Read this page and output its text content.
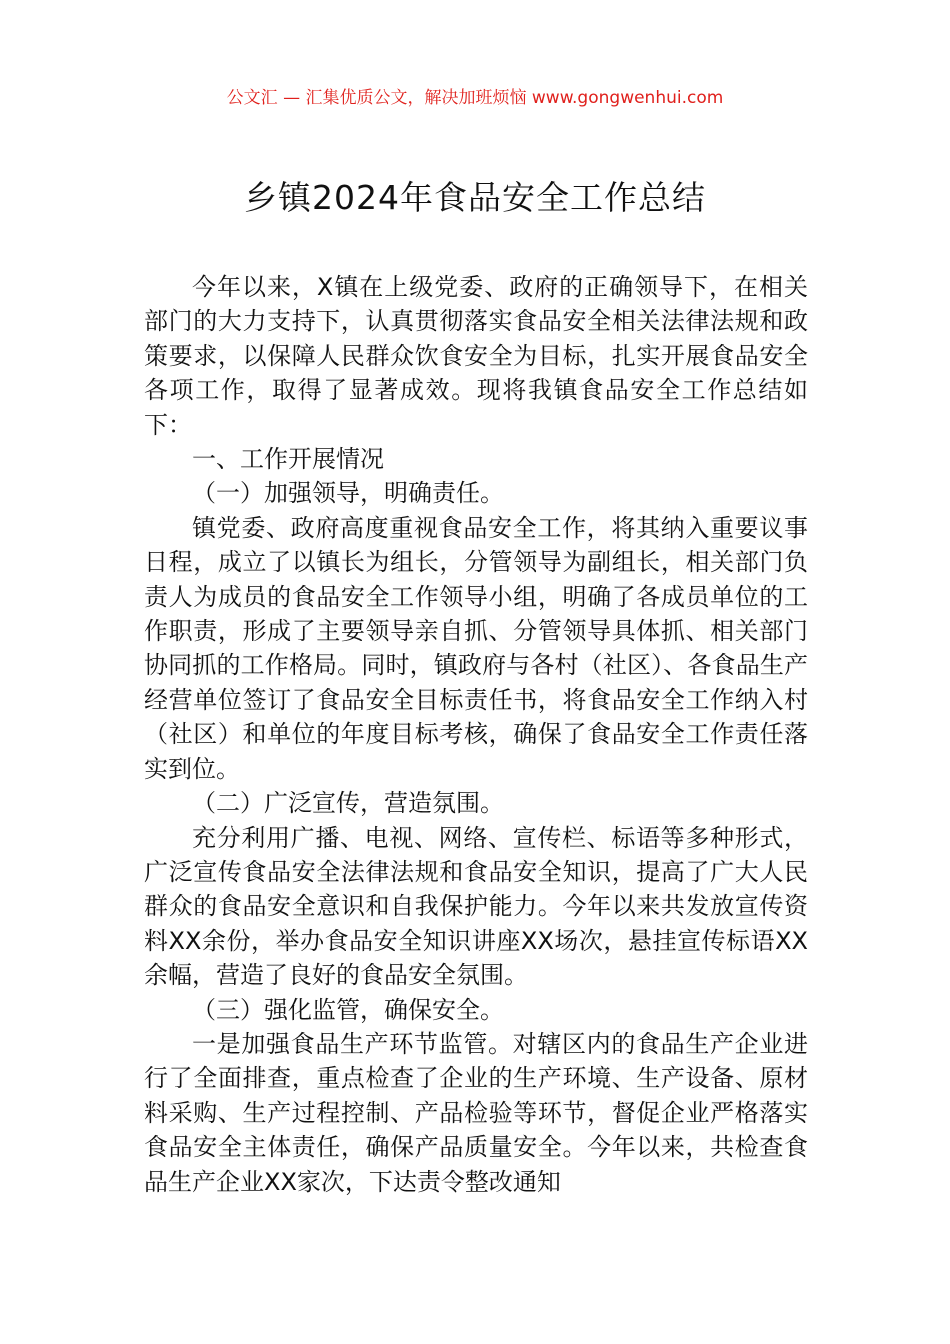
公文汇 — 汇集优质公文，解决加班烦恼 www.gongwenhui.com
乡镇2024年食品安全工作总结

今年以来，X镇在上级党委、政府的正确领导下，在相关部门的大力支持下，认真贯彻落实食品安全相关法律法规和政策要求，以保障人民群众饮食安全为目标，扎实开展食品安全各项工作，取得了显著成效。现将我镇食品安全工作总结如下：

一、工作开展情况

（一）加强领导，明确责任。

镇党委、政府高度重视食品安全工作，将其纳入重要议事日程，成立了以镇长为组长，分管领导为副组长，相关部门负责人为成员的食品安全工作领导小组，明确了各成员单位的工作职责，形成了主要领导亲自抓、分管领导具体抓、相关部门协同抓的工作格局。同时，镇政府与各村（社区）、各食品生产经营单位签订了食品安全目标责任书，将食品安全工作纳入村（社区）和单位的年度目标考核，确保了食品安全工作责任落实到位。

（二）广泛宣传，营造氛围。

充分利用广播、电视、网络、宣传栏、标语等多种形式，广泛宣传食品安全法律法规和食品安全知识，提高了广大人民群众的食品安全意识和自我保护能力。今年以来共发放宣传资料XX余份，举办食品安全知识讲座XX场次，悬挂宣传标语XX余幅，营造了良好的食品安全氛围。

（三）强化监管，确保安全。

一是加强食品生产环节监管。对辖区内的食品生产企业进行了全面排查，重点检查了企业的生产环境、生产设备、原材料采购、生产过程控制、产品检验等环节，督促企业严格落实食品安全主体责任，确保产品质量安全。今年以来，共检查食品生产企业XX家次，下达责令整改通知
